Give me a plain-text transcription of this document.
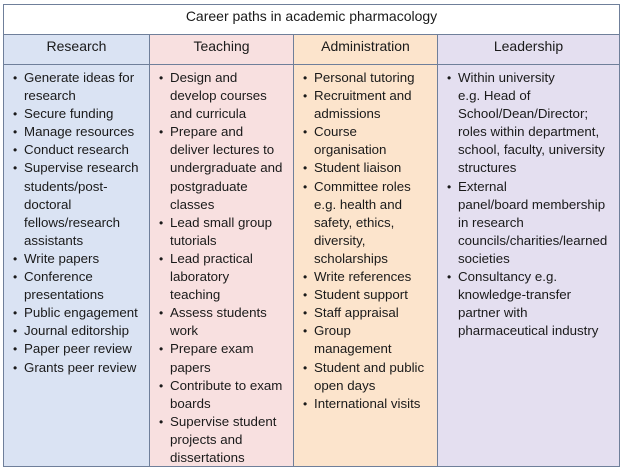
Career paths in academic pharmacology
Research
• Generate ideas for
research
• Secure funding
• Manage resources
• Conduct research
• Supervise research
students/post-
doctoral
fellows/research
assistants
• Write papers
• Conference
presentations
• Public engagement
• Journal editorship
• Paper peer review
• Grants peer review
Teaching
• Design and
develop courses
and curricula
• Prepare and
deliver lectures to
undergraduate and
postgraduate
classes
• Lead small group
tutorials
• Lead practical
laboratory
teaching
• Assess students
work
• Prepare exam
papers
• Contribute to exam
boards
• Supervise student
projects and
dissertations
Administration
• Personal tutoring
• Recruitment and
admissions
• Course
organisation
• Student liaison
• Committee roles
e.g. health and
safety, ethics,
diversity,
scholarships
• Write references
• Student support
• Staff appraisal
• Group
management
• Student and public
open days
• International visits
Leadership
• Within university
e.g. Head of
School/Dean/Director;
roles within department,
school, faculty, university
structures
• External
panel/board membership
in research
councils/charities/learned
societies
• Consultancy e.g.
knowledge-transfer
partner with
pharmaceutical industry
